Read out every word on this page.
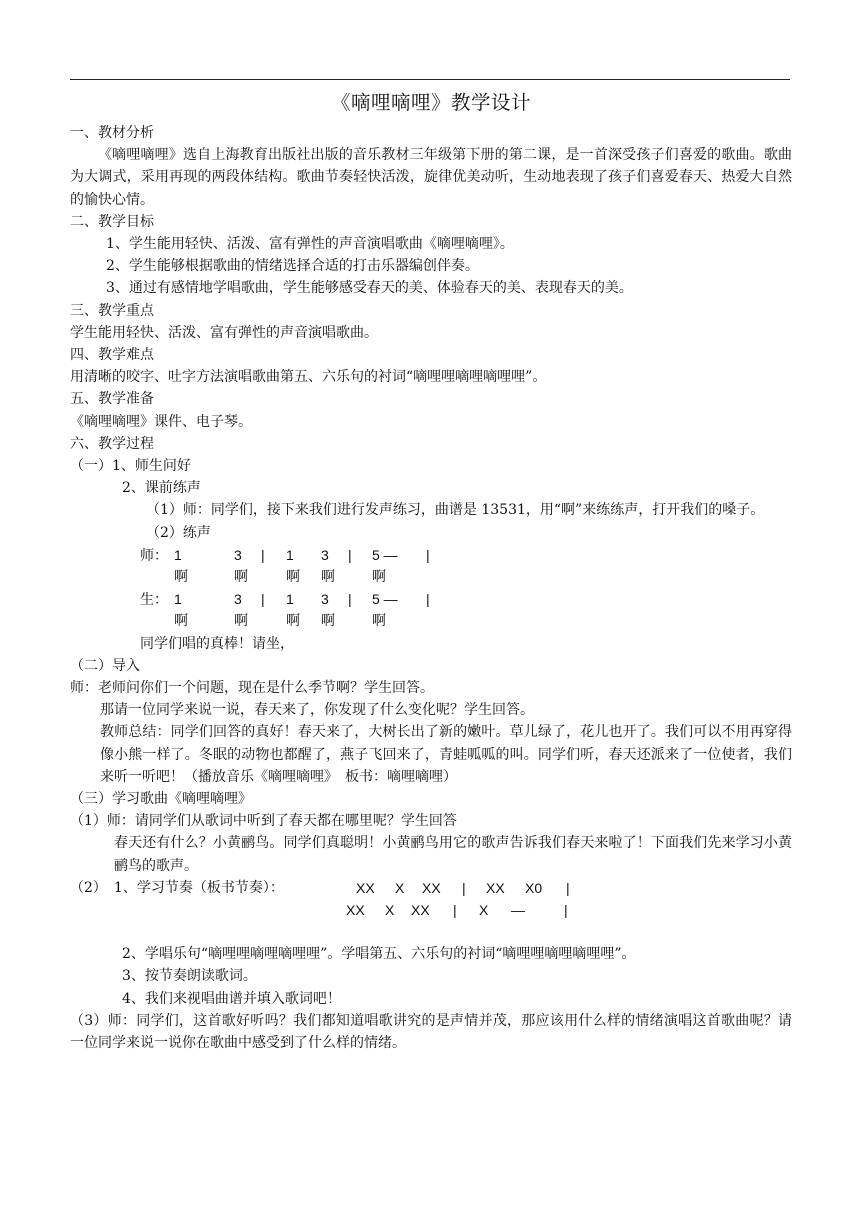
《嘀哩嘀哩》教学设计

一、教材分析

《嘀哩嘀哩》选自上海教育出版社出版的音乐教材三年级第下册的第二课，是一首深受孩子们喜爱的歌曲。歌曲为大调式，采用再现的两段体结构。歌曲节奏轻快活泼，旋律优美动听，生动地表现了孩子们喜爱春天、热爱大自然的愉快心情。

二、教学目标

1、学生能用轻快、活泼、富有弹性的声音演唱歌曲《嘀哩嘀哩》。

2、学生能够根据歌曲的情绪选择合适的打击乐器编创伴奏。

3、通过有感情地学唱歌曲，学生能够感受春天的美、体验春天的美、表现春天的美。

三、教学重点

学生能用轻快、活泼、富有弹性的声音演唱歌曲。

四、教学难点

用清晰的咬字、吐字方法演唱歌曲第五、六乐句的衬词“嘀哩哩嘀哩嘀哩哩”。

五、教学准备

《嘀哩嘀哩》课件、电子琴。

六、教学过程

（一）1、师生问好

2、课前练声

（1）师：同学们，接下来我们进行发声练习，曲谱是 13531，用“啊”来练练声，打开我们的嗓子。

（2）练声

师： 1	3 | 1 3 | 5 — |
啊	啊	啊 啊	啊
生： 1	3 | 1 3 | 5 — |
啊	啊	啊 啊	啊

同学们唱的真棒！请坐，

（二）导入

师：老师问你们一个问题，现在是什么季节啊？学生回答。

那请一位同学来说一说，春天来了，你发现了什么变化呢？学生回答。

教师总结：同学们回答的真好！春天来了，大树长出了新的嫩叶。草儿绿了，花儿也开了。我们可以不用再穿得像小熊一样了。冬眠的动物也都醒了，燕子飞回来了，青蛙呱呱的叫。同学们听，春天还派来了一位使者，我们来听一听吧！（播放音乐《嘀哩嘀哩》　板书：嘀哩嘀哩）

（三）学习歌曲《嘀哩嘀哩》

（1）师：请同学们从歌词中听到了春天都在哪里呢？学生回答

春天还有什么？小黄鹂鸟。同学们真聪明！小黄鹂鸟用它的歌声告诉我们春天来啦了！下面我们先来学习小黄鹂鸟的歌声。

（2）　1、学习节奏（板书节奏）：	XX X XX | XX X0 |
XX X XX | X —	|

2、学唱乐句“嘀哩哩嘀哩嘀哩哩”。学唱第五、六乐句的衬词“嘀哩哩嘀哩嘀哩哩”。

3、按节奏朗读歌词。

4、我们来视唱曲谱并填入歌词吧！

（3）师：同学们，这首歌好听吗？我们都知道唱歌讲究的是声情并茂，那应该用什么样的情绪演唱这首歌曲呢？请一位同学来说一说你在歌曲中感受到了什么样的情绪。
